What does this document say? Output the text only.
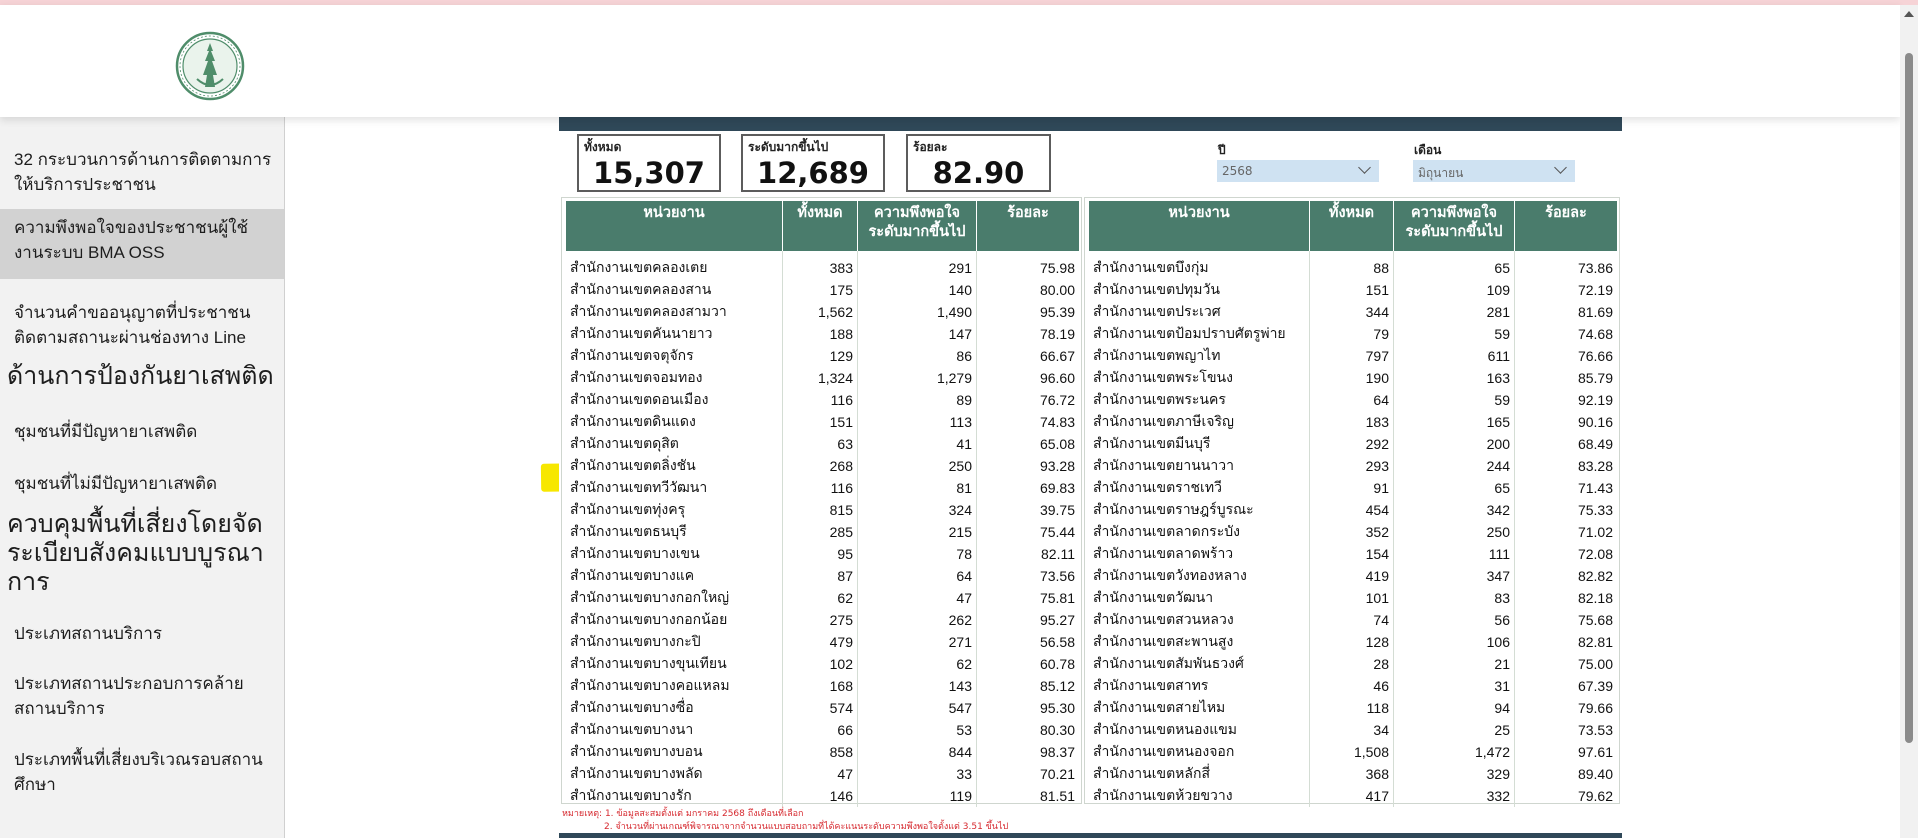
32 กระบวนการด้านการติดตามการให้บริการประชาชน
ความพึงพอใจของประชาชนผู้ใช้งานระบบ BMA OSS
จำนวนคำขออนุญาตที่ประชาชนติดตามสถานะผ่านช่องทาง Line
ด้านการป้องกันยาเสพติด
ชุมชนที่มีปัญหายาเสพติด
ชุมชนที่ไม่มีปัญหายาเสพติด
ควบคุมพื้นที่เสี่ยงโดยจัดระเบียบสังคมแบบบูรณาการ
ประเภทสถานบริการ
ประเภทสถานประกอบการคล้ายสถานบริการ
ประเภทพื้นที่เสี่ยงบริเวณรอบสถานศึกษา
ทั้งหมด
15,307
ระดับมากขึ้นไป
12,689
ร้อยละ
82.90
ปี
2568
เดือน
มิถุนายน
หน่วยงาน	ทั้งหมด	ความพึงพอใจระดับมากขึ้นไป	ร้อยละ

สำนักงานเขตคลองเตย	383	291	75.98
สำนักงานเขตคลองสาน	175	140	80.00
สำนักงานเขตคลองสามวา	1,562	1,490	95.39
สำนักงานเขตคันนายาว	188	147	78.19
สำนักงานเขตจตุจักร	129	86	66.67
สำนักงานเขตจอมทอง	1,324	1,279	96.60
สำนักงานเขตดอนเมือง	116	89	76.72
สำนักงานเขตดินแดง	151	113	74.83
สำนักงานเขตดุสิต	63	41	65.08
สำนักงานเขตตลิ่งชัน	268	250	93.28
สำนักงานเขตทวีวัฒนา	116	81	69.83
สำนักงานเขตทุ่งครุ	815	324	39.75
สำนักงานเขตธนบุรี	285	215	75.44
สำนักงานเขตบางเขน	95	78	82.11
สำนักงานเขตบางแค	87	64	73.56
สำนักงานเขตบางกอกใหญ่	62	47	75.81
สำนักงานเขตบางกอกน้อย	275	262	95.27
สำนักงานเขตบางกะปิ	479	271	56.58
สำนักงานเขตบางขุนเทียน	102	62	60.78
สำนักงานเขตบางคอแหลม	168	143	85.12
สำนักงานเขตบางซื่อ	574	547	95.30
สำนักงานเขตบางนา	66	53	80.30
สำนักงานเขตบางบอน	858	844	98.37
สำนักงานเขตบางพลัด	47	33	70.21
สำนักงานเขตบางรัก	146	119	81.51
หน่วยงาน	ทั้งหมด	ความพึงพอใจระดับมากขึ้นไป	ร้อยละ

สำนักงานเขตบึงกุ่ม	88	65	73.86
สำนักงานเขตปทุมวัน	151	109	72.19
สำนักงานเขตประเวศ	344	281	81.69
สำนักงานเขตป้อมปราบศัตรูพ่าย	79	59	74.68
สำนักงานเขตพญาไท	797	611	76.66
สำนักงานเขตพระโขนง	190	163	85.79
สำนักงานเขตพระนคร	64	59	92.19
สำนักงานเขตภาษีเจริญ	183	165	90.16
สำนักงานเขตมีนบุรี	292	200	68.49
สำนักงานเขตยานนาวา	293	244	83.28
สำนักงานเขตราชเทวี	91	65	71.43
สำนักงานเขตราษฎร์บูรณะ	454	342	75.33
สำนักงานเขตลาดกระบัง	352	250	71.02
สำนักงานเขตลาดพร้าว	154	111	72.08
สำนักงานเขตวังทองหลาง	419	347	82.82
สำนักงานเขตวัฒนา	101	83	82.18
สำนักงานเขตสวนหลวง	74	56	75.68
สำนักงานเขตสะพานสูง	128	106	82.81
สำนักงานเขตสัมพันธวงศ์	28	21	75.00
สำนักงานเขตสาทร	46	31	67.39
สำนักงานเขตสายไหม	118	94	79.66
สำนักงานเขตหนองแขม	34	25	73.53
สำนักงานเขตหนองจอก	1,508	1,472	97.61
สำนักงานเขตหลักสี่	368	329	89.40
สำนักงานเขตห้วยขวาง	417	332	79.62
หมายเหตุ: 1. ข้อมูลสะสมตั้งแต่ มกราคม 2568 ถึงเดือนที่เลือก
2. จำนวนที่ผ่านเกณฑ์พิจารณาจากจำนวนแบบสอบถามที่ได้คะแนนระดับความพึงพอใจตั้งแต่ 3.51 ขึ้นไป
